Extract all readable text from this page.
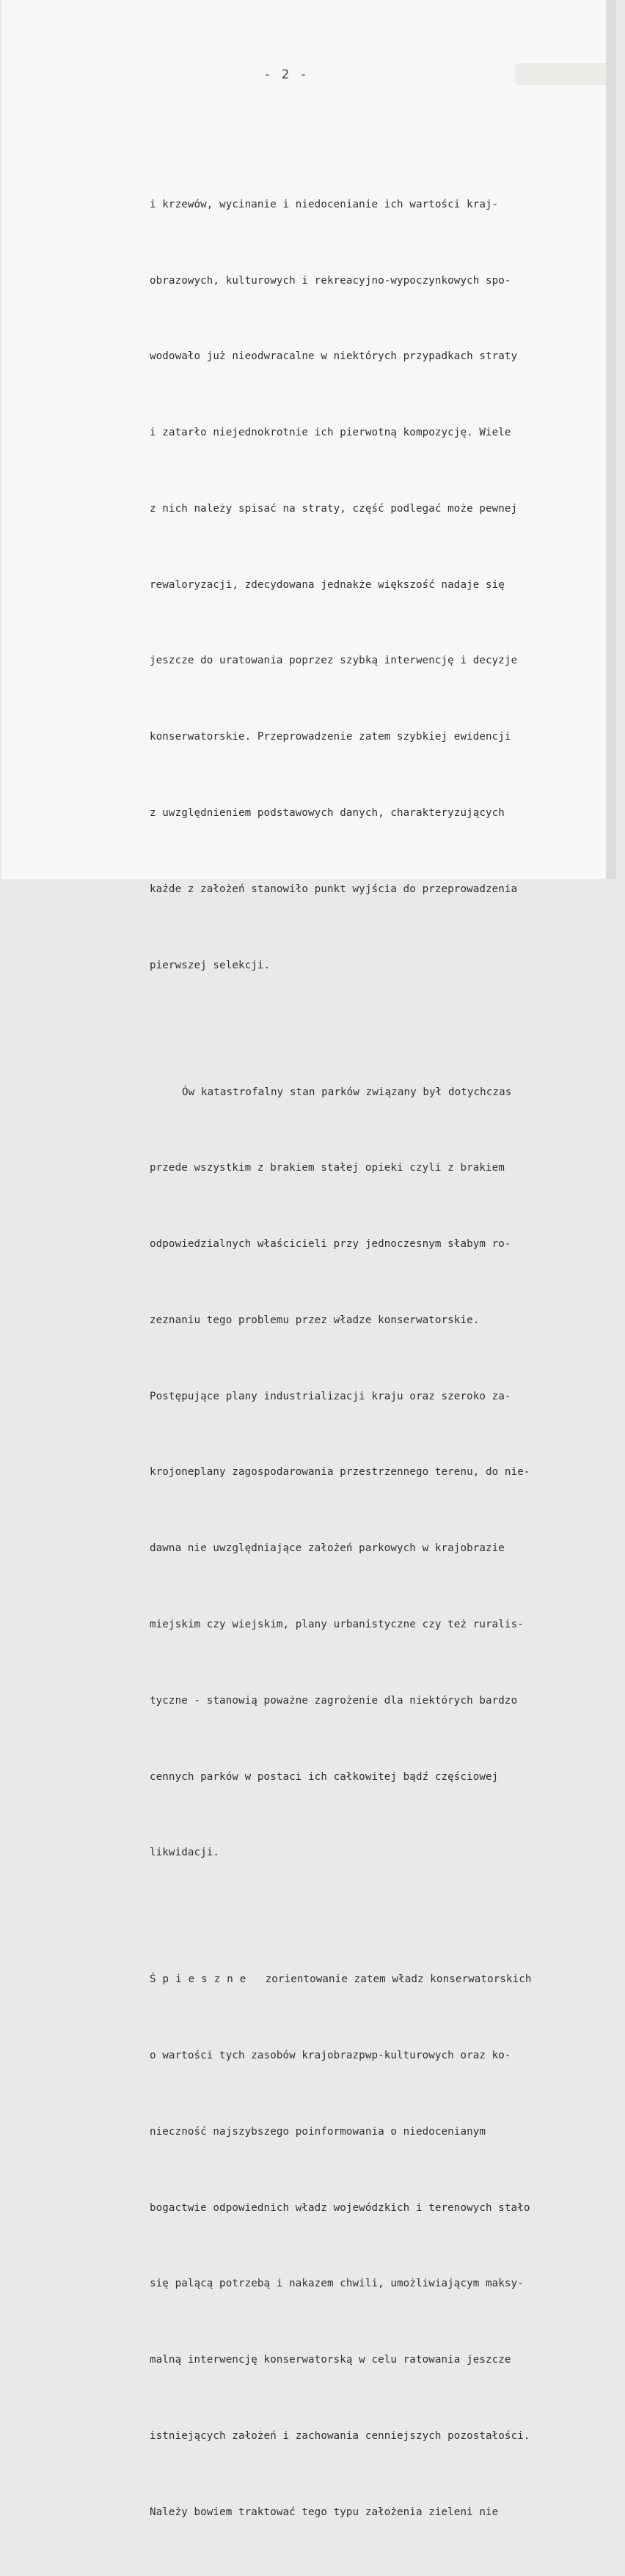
- 2 -

i krzewów, wycinanie i niedocenianie ich wartości kraj-

obrazowych, kulturowych i rekreacyjno-wypoczynkowych spo-

wodowało już nieodwracalne w niektórych przypadkach straty

i zatarło niejednokrotnie ich pierwotną kompozycję. Wiele

z nich należy spisać na straty, część podlegać może pewnej

rewaloryzacji, zdecydowana jednakże większość nadaje się

jeszcze do uratowania poprzez szybką interwencję i decyzje

konserwatorskie. Przeprowadzenie zatem szybkiej ewidencji

z uwzględnieniem podstawowych danych, charakteryzujących

każde z założeń stanowiło punkt wyjścia do przeprowadzenia

pierwszej selekcji.

Ów katastrofalny stan parków związany był dotychczas

przede wszystkim z brakiem stałej opieki czyli z brakiem

odpowiedzialnych właścicieli przy jednoczesnym słabym ro-

zeznaniu tego problemu przez władze konserwatorskie.

Postępujące plany industrializacji kraju oraz szeroko za-

krojoneplany zagospodarowania przestrzennego terenu, do nie-

dawna nie uwzględniające założeń parkowych w krajobrazie

miejskim czy wiejskim, plany urbanistyczne czy też ruralis-

tyczne - stanowią poważne zagrożenie dla niektórych bardzo

cennych parków w postaci ich całkowitej bądź częściowej

likwidacji.

Śpieszne  zorientowanie zatem władz konserwatorskich

o wartości tych zasobów krajobrazpwp-kulturowych oraz ko-

nieczność najszybszego poinformowania o niedocenianym

bogactwie odpowiednich władz wojewódzkich i terenowych stało

się palącą potrzebą i nakazem chwili, umożliwiającym maksy-

malną interwencję konserwatorską w celu ratowania jeszcze

istniejących założeń i zachowania cenniejszych pozostałości.

Należy bowiem traktować tego typu założenia zieleni nie
